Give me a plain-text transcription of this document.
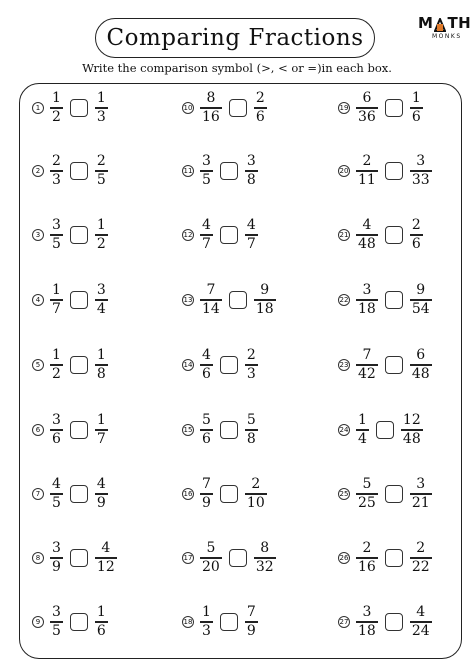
Comparing Fractions
M TH
MONKS
Write the comparison symbol (>, < or =)in each box.
$1 \frac{1}{2} \frac{1}{3}$
$2 \frac{2}{3} \frac{2}{5}$
$3 \frac{3}{5} \frac{1}{2}$
$4 \frac{1}{7} \frac{3}{4}$
$5 \frac{1}{2} \frac{1}{8}$
$6 \frac{3}{6} \frac{1}{7}$
$7 \frac{4}{5} \frac{4}{9}$
$8 \frac{3}{9} \frac{4}{12}$
$9 \frac{3}{5} \frac{1}{6}$
$10 \frac{8}{16} \frac{2}{6}$
$11 \frac{3}{5} \frac{3}{8}$
$12 \frac{4}{7} \frac{4}{7}$
$13 \frac{7}{14} \frac{9}{18}$
$14 \frac{4}{6} \frac{2}{3}$
$15 \frac{5}{6} \frac{5}{8}$
$16 \frac{7}{9} \frac{2}{10}$
$17 \frac{5}{20} \frac{8}{32}$
$18 \frac{1}{3} \frac{7}{9}$
$19 \frac{6}{36} \frac{1}{6}$
$20 \frac{2}{11} \frac{3}{33}$
$21 \frac{4}{48} \frac{2}{6}$
$22 \frac{3}{18} \frac{9}{54}$
$23 \frac{7}{42} \frac{6}{48}$
$24 \frac{1}{4} \frac{12}{48}$
$25 \frac{5}{25} \frac{3}{21}$
$26 \frac{2}{16} \frac{2}{22}$
$27 \frac{3}{18} \frac{4}{24}$
